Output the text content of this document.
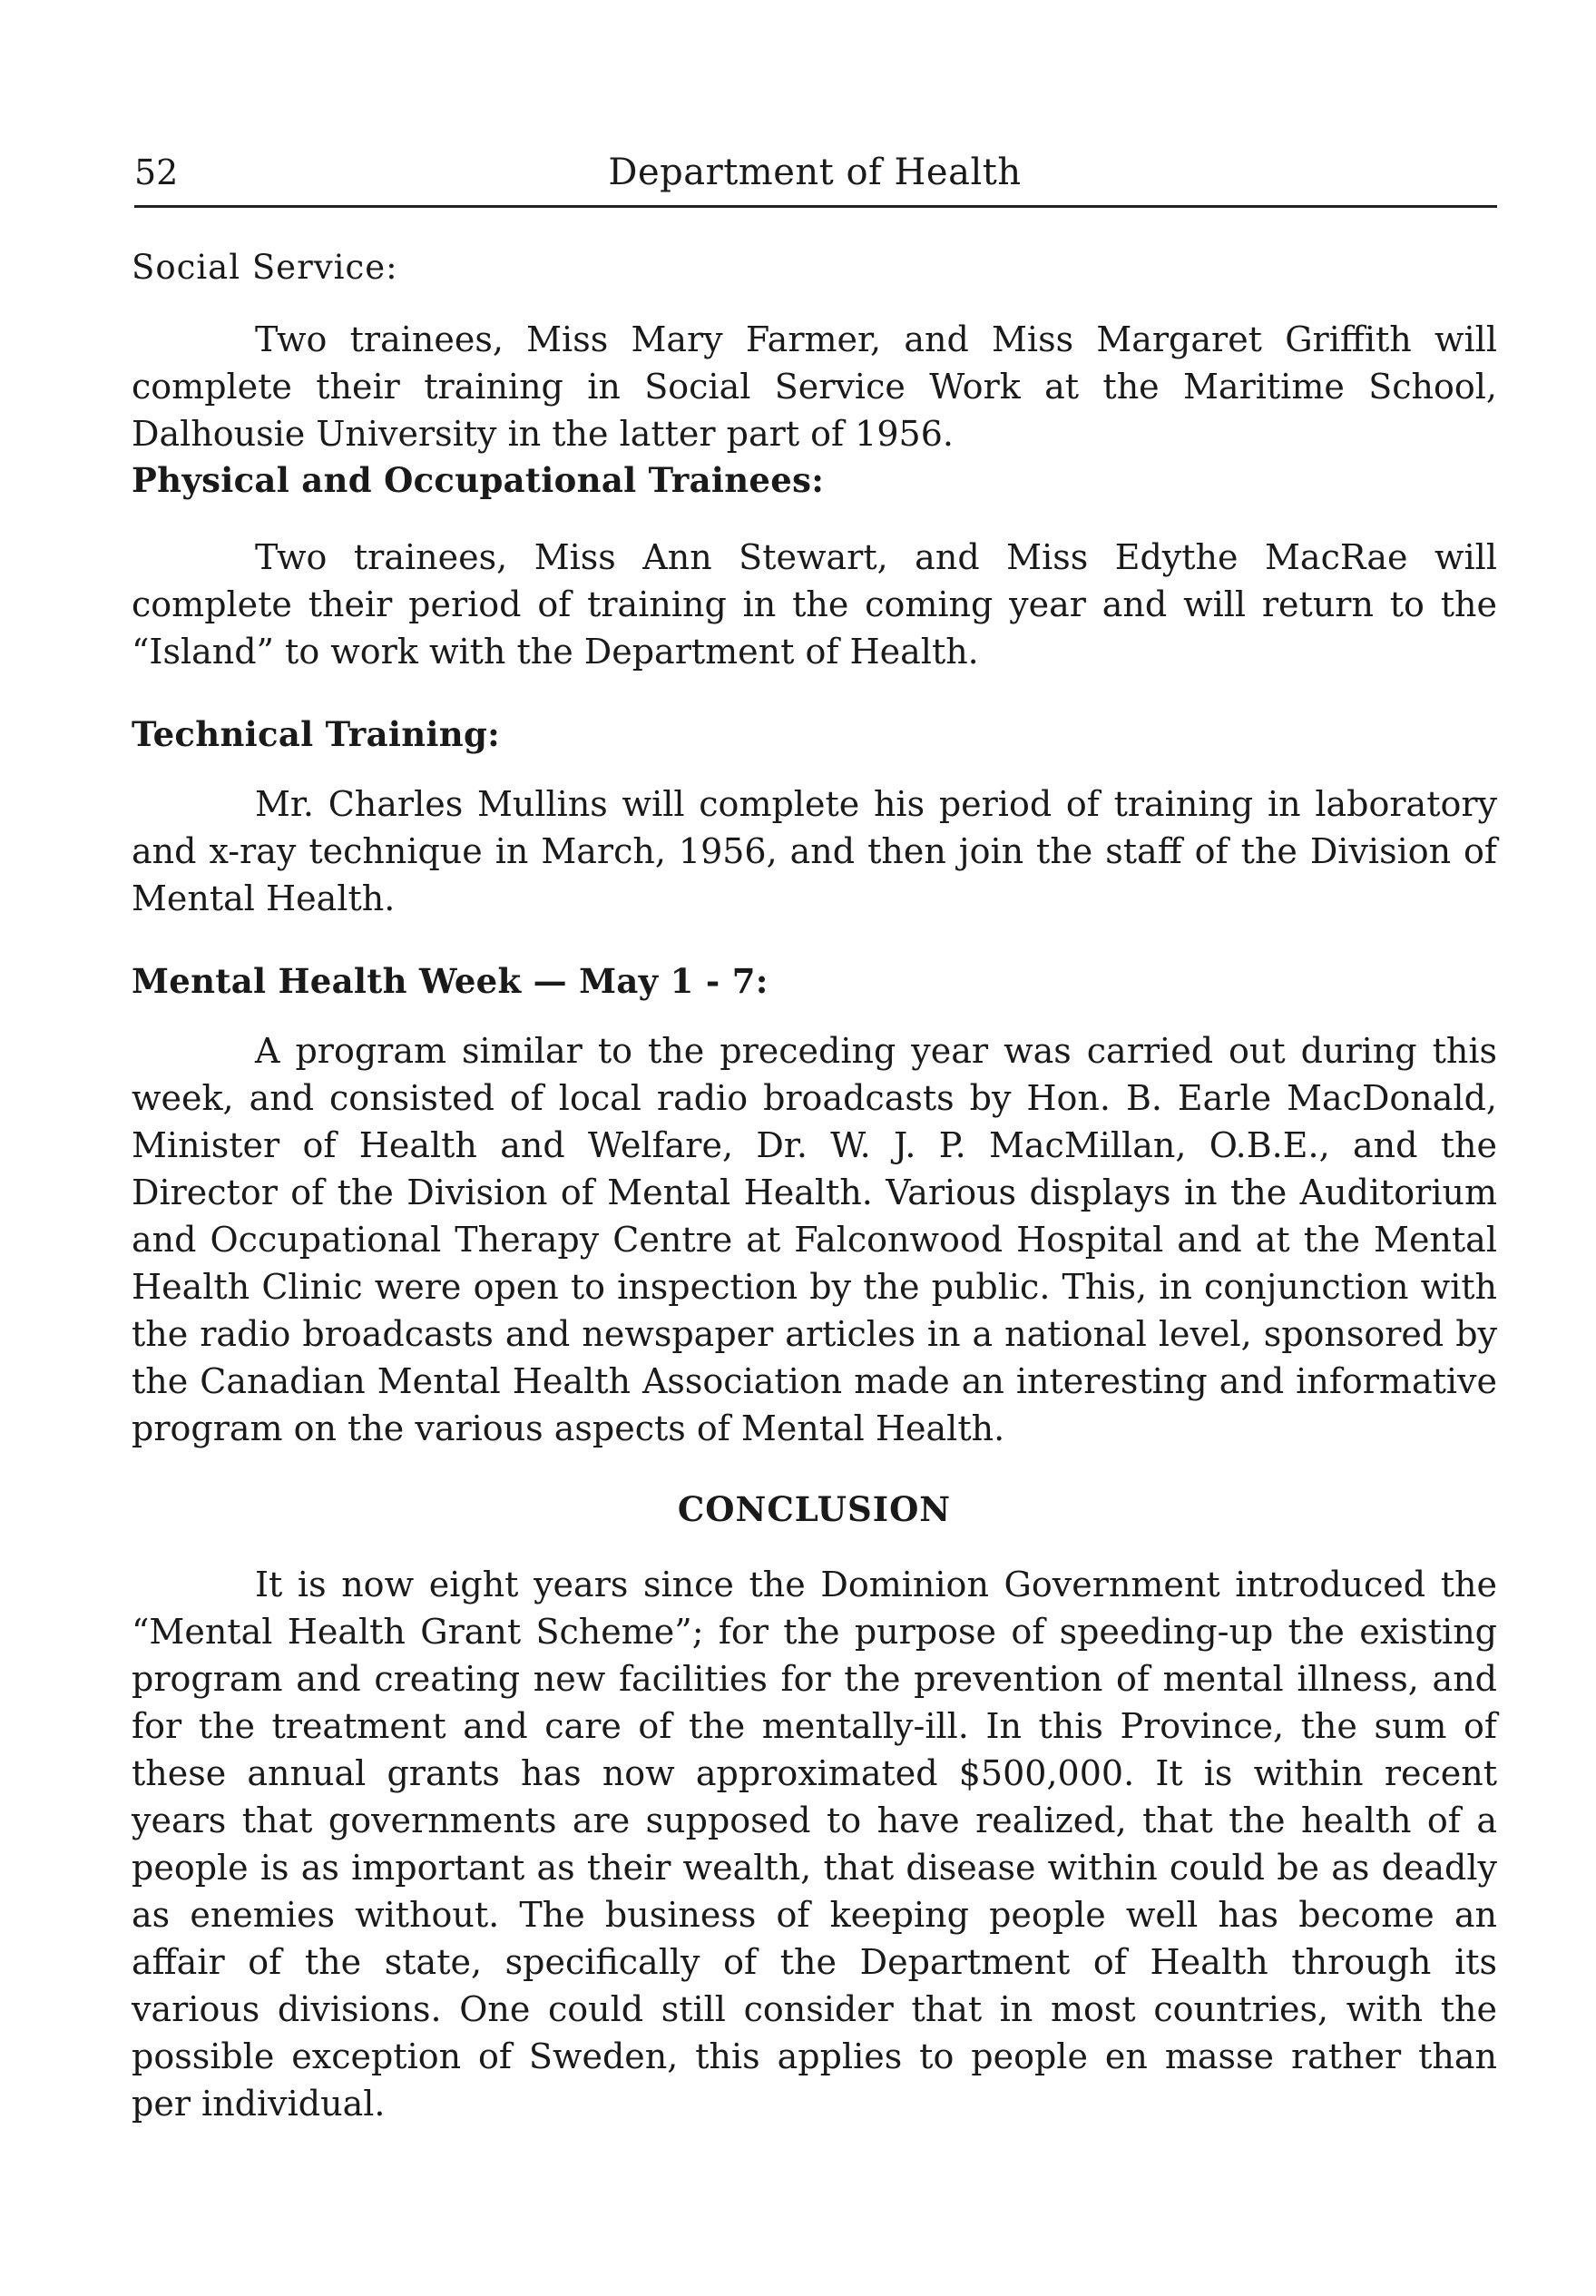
52	Department of Health
Social Service:

Two trainees, Miss Mary Farmer, and Miss Margaret Griffith will complete their training in Social Service Work at the Maritime School, Dalhousie University in the latter part of 1956.

Physical and Occupational Trainees:

Two trainees, Miss Ann Stewart, and Miss Edythe MacRae will complete their period of training in the coming year and will return to the “Island” to work with the Department of Health.

Technical Training:

Mr. Charles Mullins will complete his period of training in laboratory and x-ray technique in March, 1956, and then join the staff of the Division of Mental Health.

Mental Health Week — May 1 - 7:

A program similar to the preceding year was carried out during this week, and consisted of local radio broadcasts by Hon. B. Earle MacDonald, Minister of Health and Welfare, Dr. W. J. P. MacMillan, O.B.E., and the Director of the Division of Mental Health. Various displays in the Auditorium and Occupational Therapy Centre at Falconwood Hospital and at the Mental Health Clinic were open to inspection by the public. This, in conjunction with the radio broadcasts and newspaper articles in a national level, sponsored by the Canadian Mental Health Association made an interesting and informative program on the various aspects of Mental Health.

CONCLUSION

It is now eight years since the Dominion Government introduced the “Mental Health Grant Scheme”; for the purpose of speeding-up the existing program and creating new facilities for the prevention of mental illness, and for the treatment and care of the mentally-ill. In this Province, the sum of these annual grants has now approximated $500,000. It is within recent years that governments are supposed to have realized, that the health of a people is as important as their wealth, that disease within could be as deadly as enemies without. The business of keeping people well has become an affair of the state, specifically of the Department of Health through its various divisions. One could still consider that in most countries, with the possible exception of Sweden, this applies to people en masse rather than per individual.
